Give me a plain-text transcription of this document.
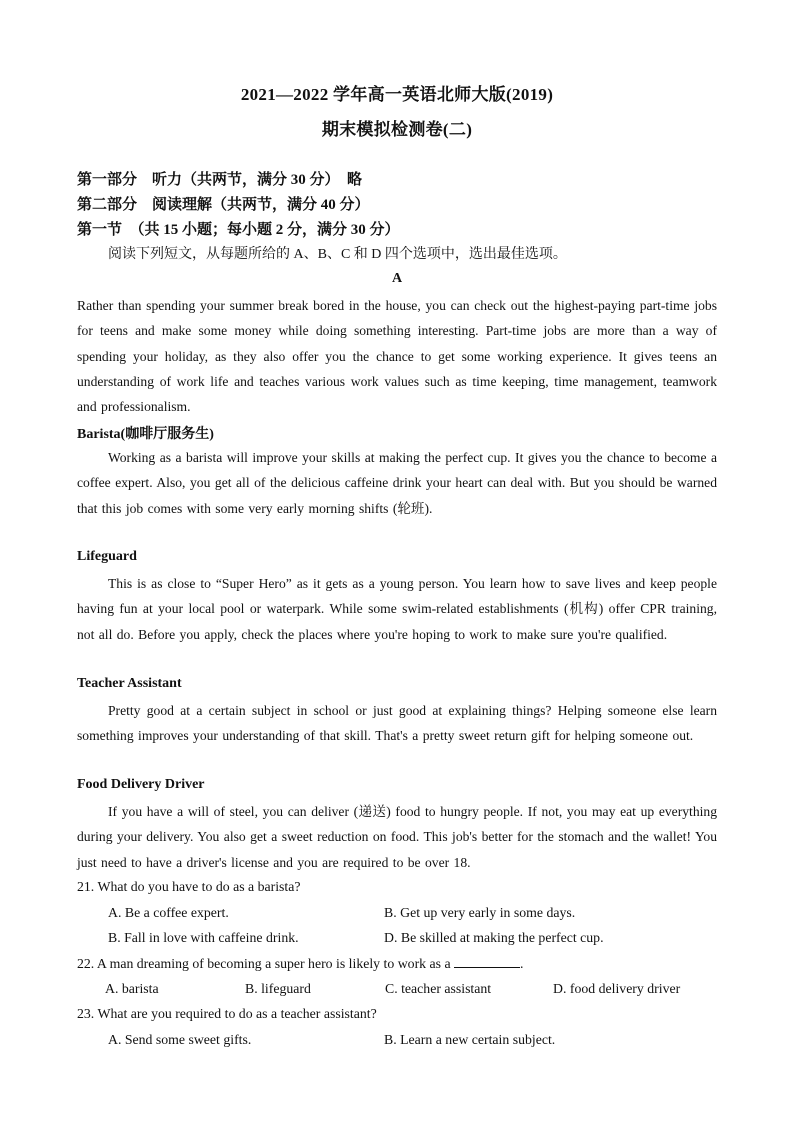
2021—2022 学年高一英语北师大版(2019)
期末模拟检测卷(二)
第一部分　听力（共两节，满分 30 分）　略
第二部分　阅读理解（共两节，满分 40 分）
第一节　（共 15 小题；每小题 2 分，满分 30 分）
阅读下列短文，从每题所给的 A、B、C 和 D 四个选项中，选出最佳选项。
A
Rather than spending your summer break bored in the house, you can check out the highest-paying part-time jobs for teens and make some money while doing something interesting. Part-time jobs are more than a way of spending your holiday, as they also offer you the chance to get some working experience. It gives teens an understanding of work life and teaches various work values such as time keeping, time management, teamwork and professionalism.
Barista(咖啡厅服务生)
Working as a barista will improve your skills at making the perfect cup. It gives you the chance to become a coffee expert. Also, you get all of the delicious caffeine drink your heart can deal with. But you should be warned that this job comes with some very early morning shifts (轮班).
Lifeguard
This is as close to “Super Hero” as it gets as a young person. You learn how to save lives and keep people having fun at your local pool or waterpark. While some swim-related establishments (机构) offer CPR training, not all do. Before you apply, check the places where you're hoping to work to make sure you're qualified.
Teacher Assistant
Pretty good at a certain subject in school or just good at explaining things? Helping someone else learn something improves your understanding of that skill. That's a pretty sweet return gift for helping someone out.
Food Delivery Driver
If you have a will of steel, you can deliver (递送) food to hungry people. If not, you may eat up everything during your delivery. You also get a sweet reduction on food. This job's better for the stomach and the wallet! You just need to have a driver's license and you are required to be over 18.
21. What do you have to do as a barista?
A. Be a coffee expert.	B. Get up very early in some days.
B. Fall in love with caffeine drink.	D. Be skilled at making the perfect cup.
22. A man dreaming of becoming a super hero is likely to work as a	.
A. barista	B. lifeguard	C. teacher assistant	D. food delivery driver
23. What are you required to do as a teacher assistant?
A. Send some sweet gifts.	B. Learn a new certain subject.
